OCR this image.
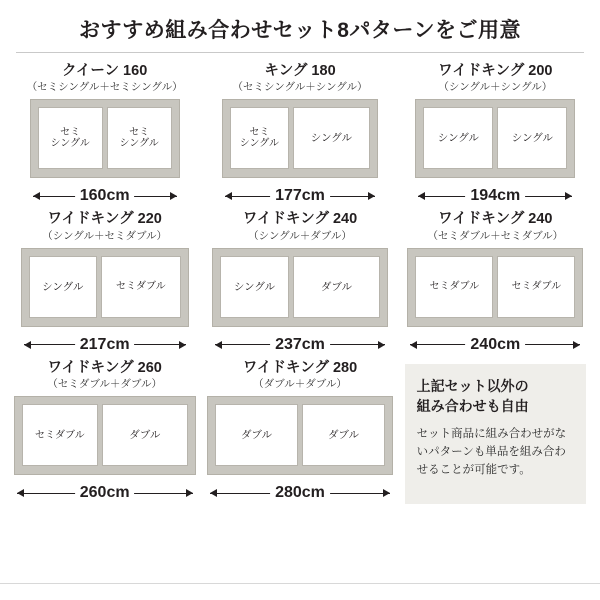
おすすめ組み合わせセット8パターンをご用意
クイーン 160
（セミシングル＋セミシングル）
セミ
シングル
セミ
シングル
160cm
キング 180
（セミシングル＋シングル）
セミ
シングル	シングル
177cm
ワイドキング 200
（シングル＋シングル）
シングル	シングル
194cm
ワイドキング 220
（シングル＋セミダブル）
シングル	セミダブル
217cm
ワイドキング 240
（シングル＋ダブル）
シングル	ダブル
237cm
ワイドキング 240
（セミダブル＋セミダブル）
セミダブル	セミダブル
240cm
ワイドキング 260
（セミダブル＋ダブル）
セミダブル	ダブル
260cm
ワイドキング 280
（ダブル＋ダブル）
ダブル	ダブル
280cm
上記セット以外の
組み合わせも自由
セット商品に組み合わせがないパターンも単品を組み合わせることが可能です。
